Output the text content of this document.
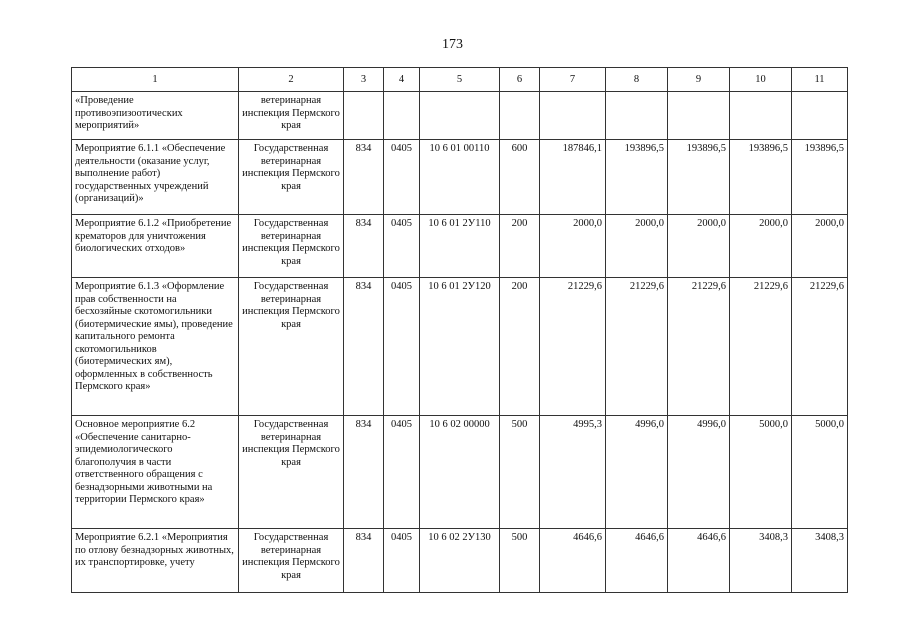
173
1	2	3	4	5	6	7	8	9	10	11
«Проведение противоэпизоотических мероприятий»	ветеринарная инспекция Пермского края									
Мероприятие 6.1.1 «Обеспечение деятельности (оказание услуг, выполнение работ) государственных учреждений (организаций)»	Государственная ветеринарная инспекция Пермского края	834	0405	10 6 01 00110	600	187846,1	193896,5	193896,5	193896,5	193896,5
Мероприятие 6.1.2 «Приобретение крематоров для уничтожения биологических отходов»	Государственная ветеринарная инспекция Пермского края	834	0405	10 6 01 2У110	200	2000,0	2000,0	2000,0	2000,0	2000,0
Мероприятие 6.1.3 «Оформление прав собственности на бесхозяйные скотомогильники (биотермические ямы), проведение капитального ремонта скотомогильников (биотермических ям), оформленных в собственность Пермского края»	Государственная ветеринарная инспекция Пермского края	834	0405	10 6 01 2У120	200	21229,6	21229,6	21229,6	21229,6	21229,6
Основное мероприятие 6.2 «Обеспечение санитарно-эпидемиологического благополучия в части ответственного обращения с безнадзорными животными на территории Пермского края»	Государственная ветеринарная инспекция Пермского края	834	0405	10 6 02 00000	500	4995,3	4996,0	4996,0	5000,0	5000,0
Мероприятие 6.2.1 «Мероприятия по отлову безнадзорных животных, их транспортировке, учету	Государственная ветеринарная инспекция Пермского края	834	0405	10 6 02 2У130	500	4646,6	4646,6	4646,6	3408,3	3408,3
